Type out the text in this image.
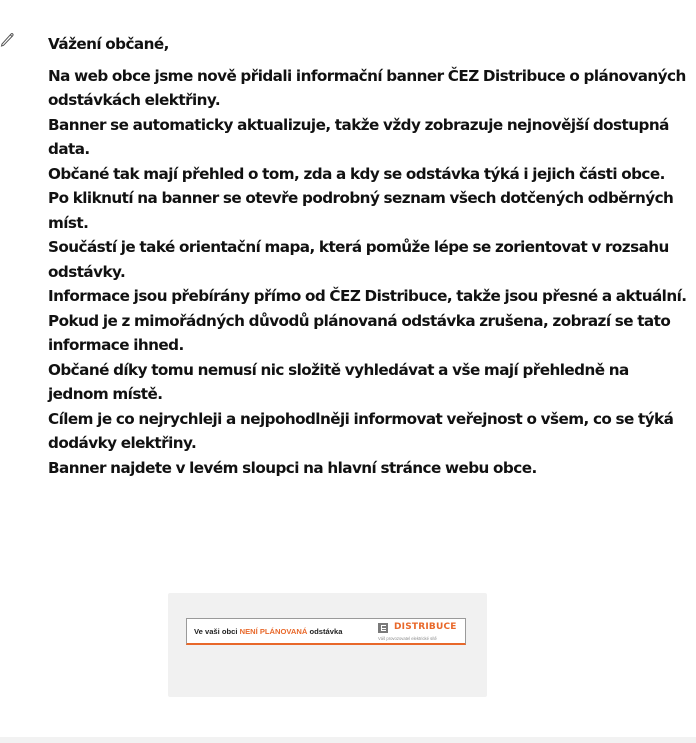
Vážení občané,

Na web obce jsme nově přidali informační banner ČEZ Distribuce o plánovaných odstávkách elektřiny.

Banner se automaticky aktualizuje, takže vždy zobrazuje nejnovější dostupná data.

Občané tak mají přehled o tom, zda a kdy se odstávka týká i jejich části obce.

Po kliknutí na banner se otevře podrobný seznam všech dotčených odběrných míst.

Součástí je také orientační mapa, která pomůže lépe se zorientovat v rozsahu odstávky.

Informace jsou přebírány přímo od ČEZ Distribuce, takže jsou přesné a aktuální.

Pokud je z mimořádných důvodů plánovaná odstávka zrušena, zobrazí se tato informace ihned.

Občané díky tomu nemusí nic složitě vyhledávat a vše mají přehledně na jednom místě.

Cílem je co nejrychleji a nejpohodlněji informovat veřejnost o všem, co se týká dodávky elektřiny.

Banner najdete v levém sloupci na hlavní stránce webu obce.

Ve vaši obci NENÍ PLÁNOVANÁ odstávka	DISTRIBUCE
Váš provozovatel elektrické sítě
